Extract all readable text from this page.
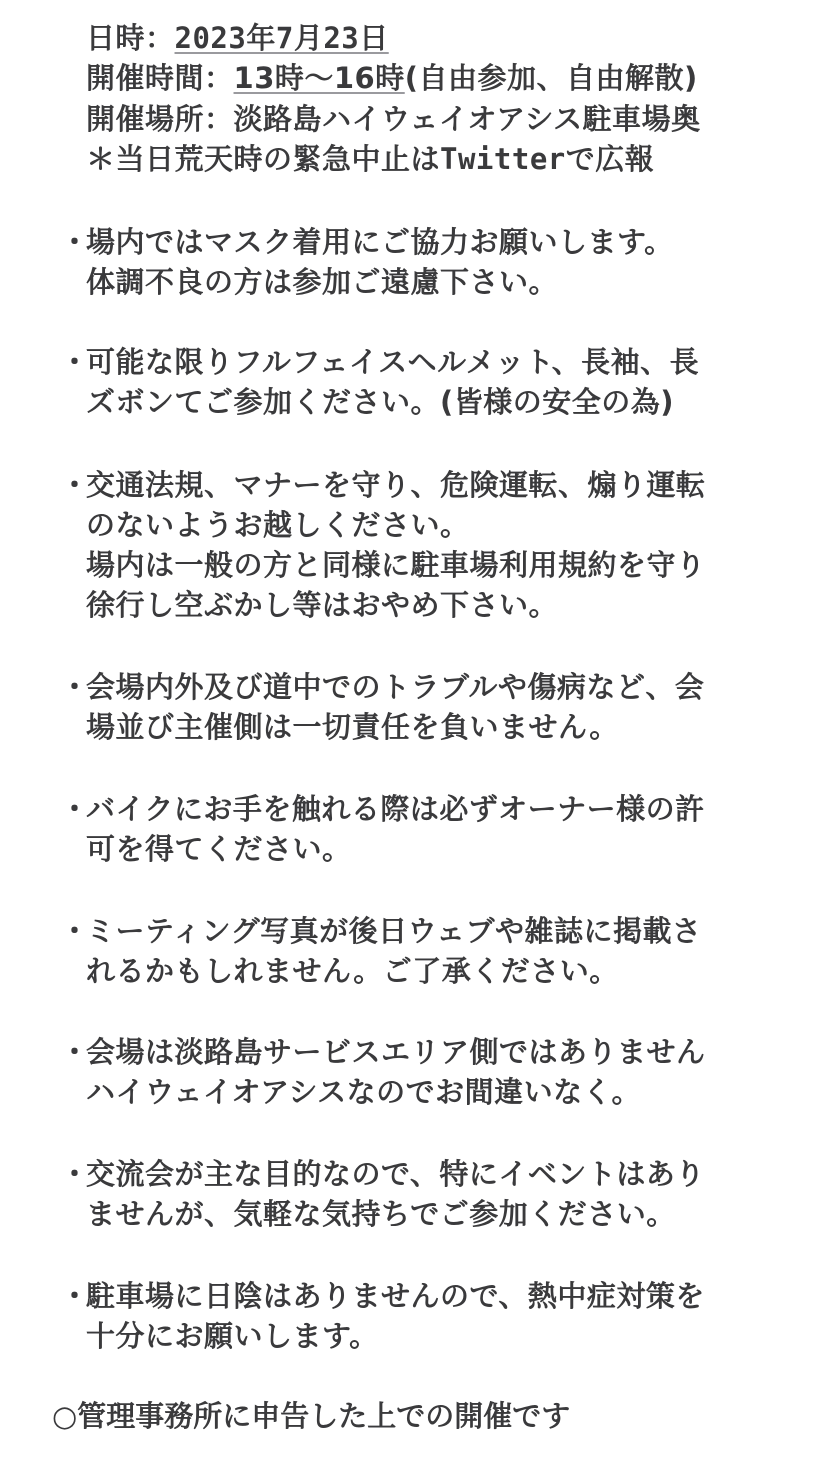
日時：2023年7月23日
開催時間：13時〜16時(自由参加、自由解散)
開催場所：淡路島ハイウェイオアシス駐車場奥
＊当日荒天時の緊急中止はTwitterで広報
・
場内ではマスク着用にご協力お願いします。
体調不良の方は参加ご遠慮下さい。
・
可能な限りフルフェイスヘルメット、長袖、長
ズボンてご参加ください。(皆様の安全の為)
・
交通法規、マナーを守り、危険運転、煽り運転
のないようお越しください。
場内は一般の方と同様に駐車場利用規約を守り
徐行し空ぶかし等はおやめ下さい。
・
会場内外及び道中でのトラブルや傷病など、会
場並び主催側は一切責任を負いません。
・
バイクにお手を触れる際は必ずオーナー様の許
可を得てください。
・
ミーティング写真が後日ウェブや雑誌に掲載さ
れるかもしれません。ご了承ください。
・
会場は淡路島サービスエリア側ではありません
ハイウェイオアシスなのでお間違いなく。
・
交流会が主な目的なので、特にイベントはあり
ませんが、気軽な気持ちでご参加ください。
・
駐車場に日陰はありませんので、熱中症対策を
十分にお願いします。
○管理事務所に申告した上での開催です
